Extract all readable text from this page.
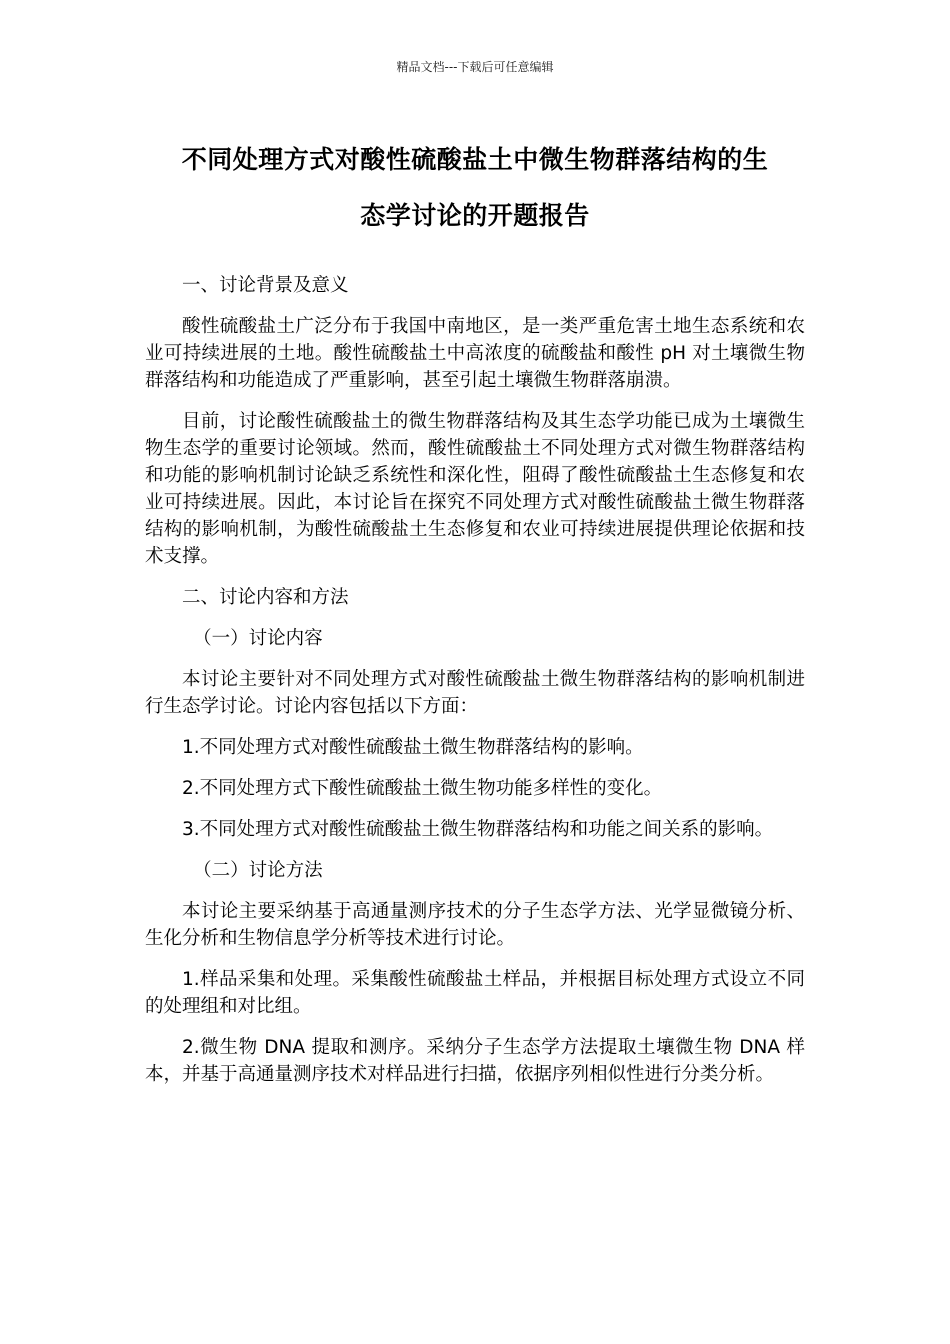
精品文档---下载后可任意编辑
不同处理方式对酸性硫酸盐土中微生物群落结构的生
态学讨论的开题报告

一、讨论背景及意义

酸性硫酸盐土广泛分布于我国中南地区，是一类严重危害土地生态系统和农业可持续进展的土地。酸性硫酸盐土中高浓度的硫酸盐和酸性 pH 对土壤微生物群落结构和功能造成了严重影响，甚至引起土壤微生物群落崩溃。

目前，讨论酸性硫酸盐土的微生物群落结构及其生态学功能已成为土壤微生物生态学的重要讨论领域。然而，酸性硫酸盐土不同处理方式对微生物群落结构和功能的影响机制讨论缺乏系统性和深化性，阻碍了酸性硫酸盐土生态修复和农业可持续进展。因此，本讨论旨在探究不同处理方式对酸性硫酸盐土微生物群落结构的影响机制，为酸性硫酸盐土生态修复和农业可持续进展提供理论依据和技术支撑。

二、讨论内容和方法

（一）讨论内容

本讨论主要针对不同处理方式对酸性硫酸盐土微生物群落结构的影响机制进行生态学讨论。讨论内容包括以下方面：

1.不同处理方式对酸性硫酸盐土微生物群落结构的影响。

2.不同处理方式下酸性硫酸盐土微生物功能多样性的变化。

3.不同处理方式对酸性硫酸盐土微生物群落结构和功能之间关系的影响。

（二）讨论方法

本讨论主要采纳基于高通量测序技术的分子生态学方法、光学显微镜分析、生化分析和生物信息学分析等技术进行讨论。

1.样品采集和处理。采集酸性硫酸盐土样品，并根据目标处理方式设立不同的处理组和对比组。

2.微生物 DNA 提取和测序。采纳分子生态学方法提取土壤微生物 DNA 样本，并基于高通量测序技术对样品进行扫描，依据序列相似性进行分类分析。
